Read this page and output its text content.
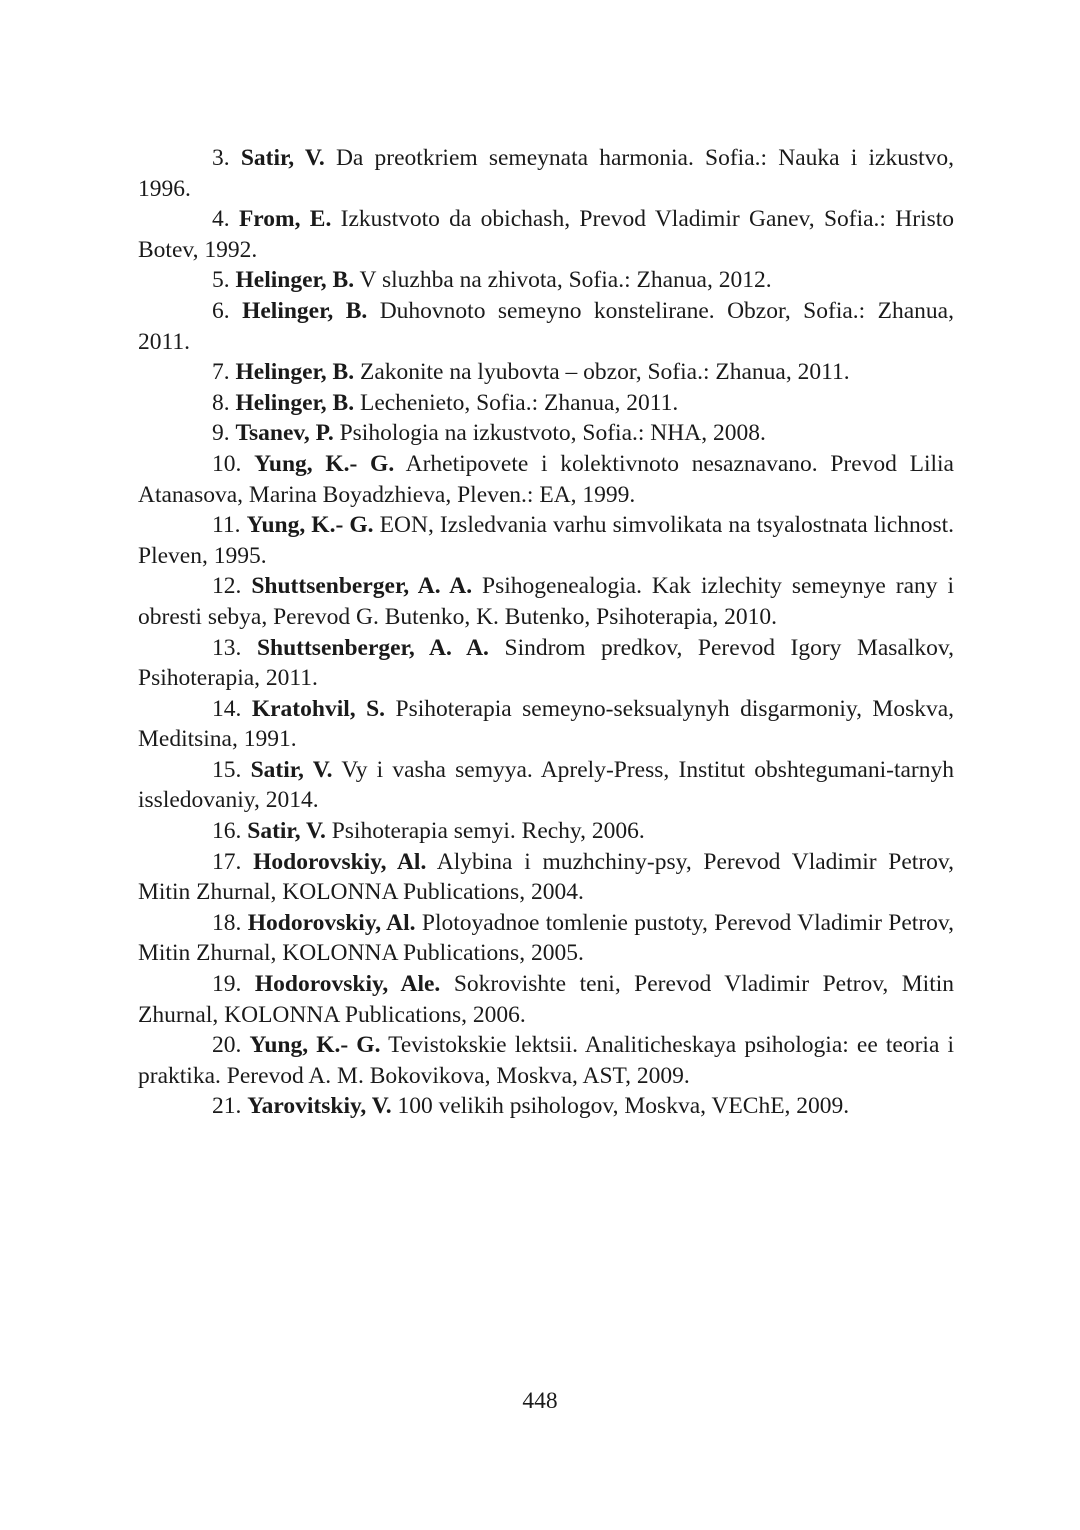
3. Satir, V. Da preotkriem semeynata harmonia. Sofia.: Nauka i izkustvo, 1996.

4. From, E. Izkustvoto da obichash, Prevod Vladimir Ganev, Sofia.: Hristo Botev, 1992.

5. Helinger, B. V sluzhba na zhivota, Sofia.: Zhanua, 2012.

6. Helinger, B. Duhovnoto semeyno konstelirane. Obzor, Sofia.: Zhanua, 2011.

7. Helinger, B. Zakonite na lyubovta – obzor, Sofia.: Zhanua, 2011.

8. Helinger, B. Lechenieto, Sofia.: Zhanua, 2011.

9. Tsanev, P. Psihologia na izkustvoto, Sofia.: NHA, 2008.

10. Yung, K.- G. Arhetipovete i kolektivnoto nesaznavano. Prevod Lilia Atanasova, Marina Boyadzhieva, Pleven.: EA, 1999.

11. Yung, K.- G. EON, Izsledvania varhu simvolikata na tsyalostnata lichnost. Pleven, 1995.

12. Shuttsenberger, A. A. Psihogenealogia. Kak izlechity semeynye rany i obresti sebya, Perevod G. Butenko, K. Butenko, Psihoterapia, 2010.

13. Shuttsenberger, A. A. Sindrom predkov, Perevod Igory Masalkov, Psihoterapia, 2011.

14. Kratohvil, S. Psihoterapia semeyno-seksualynyh disgarmoniy, Moskva, Meditsina, 1991.

15. Satir, V. Vy i vasha semyya. Aprely-Press, Institut obshtegumani-tarnyh issledovaniy, 2014.

16. Satir, V. Psihoterapia semyi. Rechy, 2006.

17. Hodorovskiy, Al. Alybina i muzhchiny-psy, Perevod Vladimir Petrov, Mitin Zhurnal, KOLONNA Publications, 2004.

18. Hodorovskiy, Al. Plotoyadnoe tomlenie pustoty, Perevod Vladimir Petrov, Mitin Zhurnal, KOLONNA Publications, 2005.

19. Hodorovskiy, Ale. Sokrovishte teni, Perevod Vladimir Petrov, Mitin Zhurnal, KOLONNA Publications, 2006.

20. Yung, K.- G. Tevistokskie lektsii. Analiticheskaya psihologia: ee teoria i praktika. Perevod A. M. Bokovikova, Moskva, AST, 2009.

21. Yarovitskiy, V. 100 velikih psihologov, Moskva, VEChE, 2009.

448
